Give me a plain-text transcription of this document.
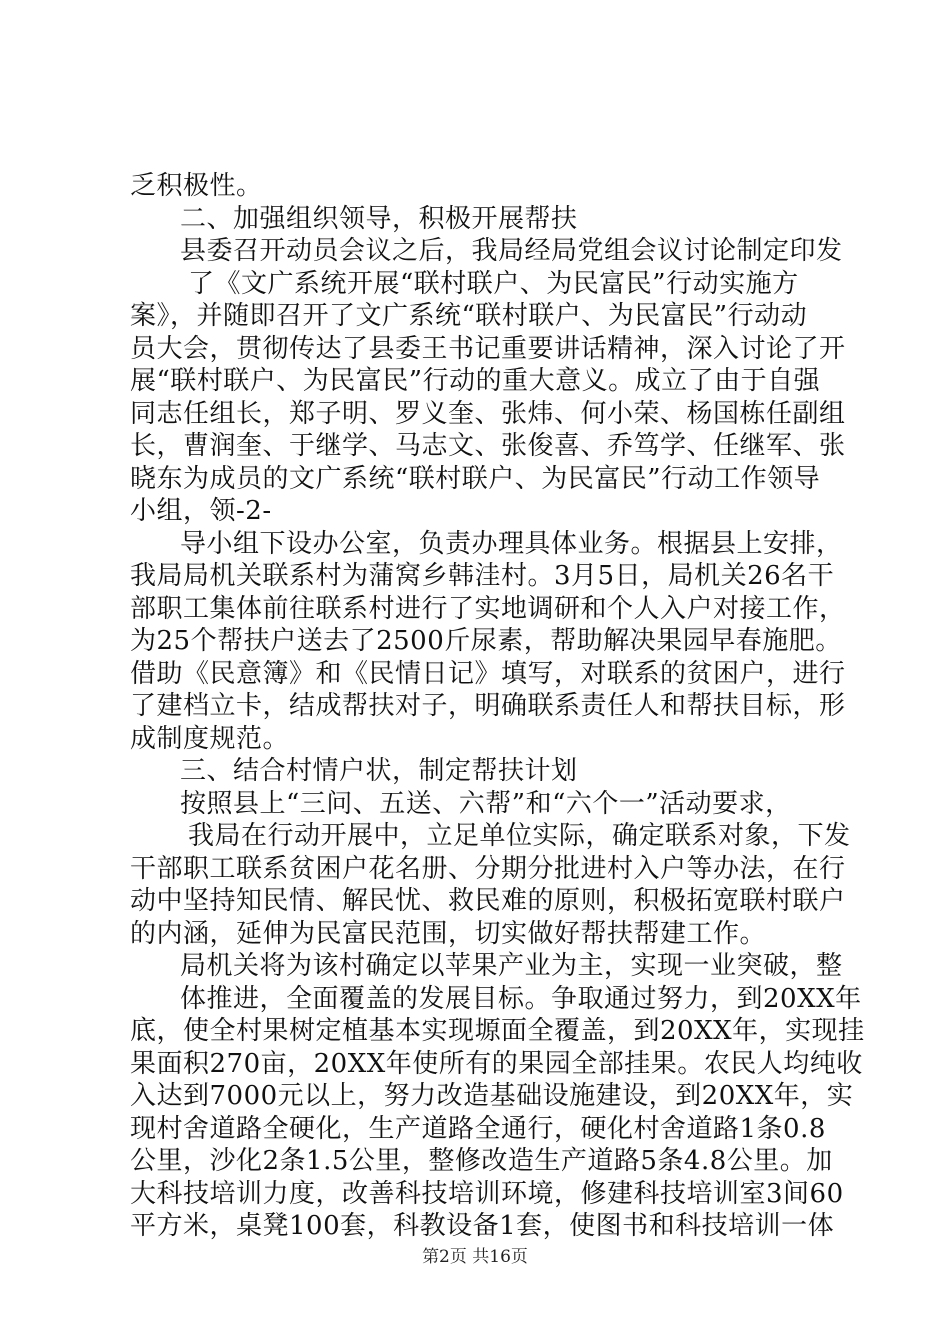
乏积极性。
二、加强组织领导，积极开展帮扶
县委召开动员会议之后，我局经局党组会议讨论制定印发
了《文广系统开展“联村联户、为民富民”行动实施方
案》，并随即召开了文广系统“联村联户、为民富民”行动动
员大会，贯彻传达了县委王书记重要讲话精神，深入讨论了开
展“联村联户、为民富民”行动的重大意义。成立了由于自强
同志任组长，郑子明、罗义奎、张炜、何小荣、杨国栋任副组
长，曹润奎、于继学、马志文、张俊喜、乔笃学、任继军、张
晓东为成员的文广系统“联村联户、为民富民”行动工作领导
小组，领-2-
导小组下设办公室，负责办理具体业务。根据县上安排，
我局局机关联系村为蒲窝乡韩洼村。3月5日，局机关26名干
部职工集体前往联系村进行了实地调研和个人入户对接工作，
为25个帮扶户送去了2500斤尿素，帮助解决果园早春施肥。
借助《民意簿》和《民情日记》填写，对联系的贫困户，进行
了建档立卡，结成帮扶对子，明确联系责任人和帮扶目标，形
成制度规范。
三、结合村情户状，制定帮扶计划
按照县上“三问、五送、六帮”和“六个一”活动要求，
我局在行动开展中，立足单位实际，确定联系对象，下发
干部职工联系贫困户花名册、分期分批进村入户等办法，在行
动中坚持知民情、解民忧、救民难的原则，积极拓宽联村联户
的内涵，延伸为民富民范围，切实做好帮扶帮建工作。
局机关将为该村确定以苹果产业为主，实现一业突破，整
体推进，全面覆盖的发展目标。争取通过努力，到20XX年
底，使全村果树定植基本实现塬面全覆盖，到20XX年，实现挂
果面积270亩，20XX年使所有的果园全部挂果。农民人均纯收
入达到7000元以上，努力改造基础设施建设，到20XX年，实
现村舍道路全硬化，生产道路全通行，硬化村舍道路1条0.8
公里，沙化2条1.5公里，整修改造生产道路5条4.8公里。加
大科技培训力度，改善科技培训环境，修建科技培训室3间60
平方米，桌凳100套，科教设备1套，使图书和科技培训一体
第2页 共16页
